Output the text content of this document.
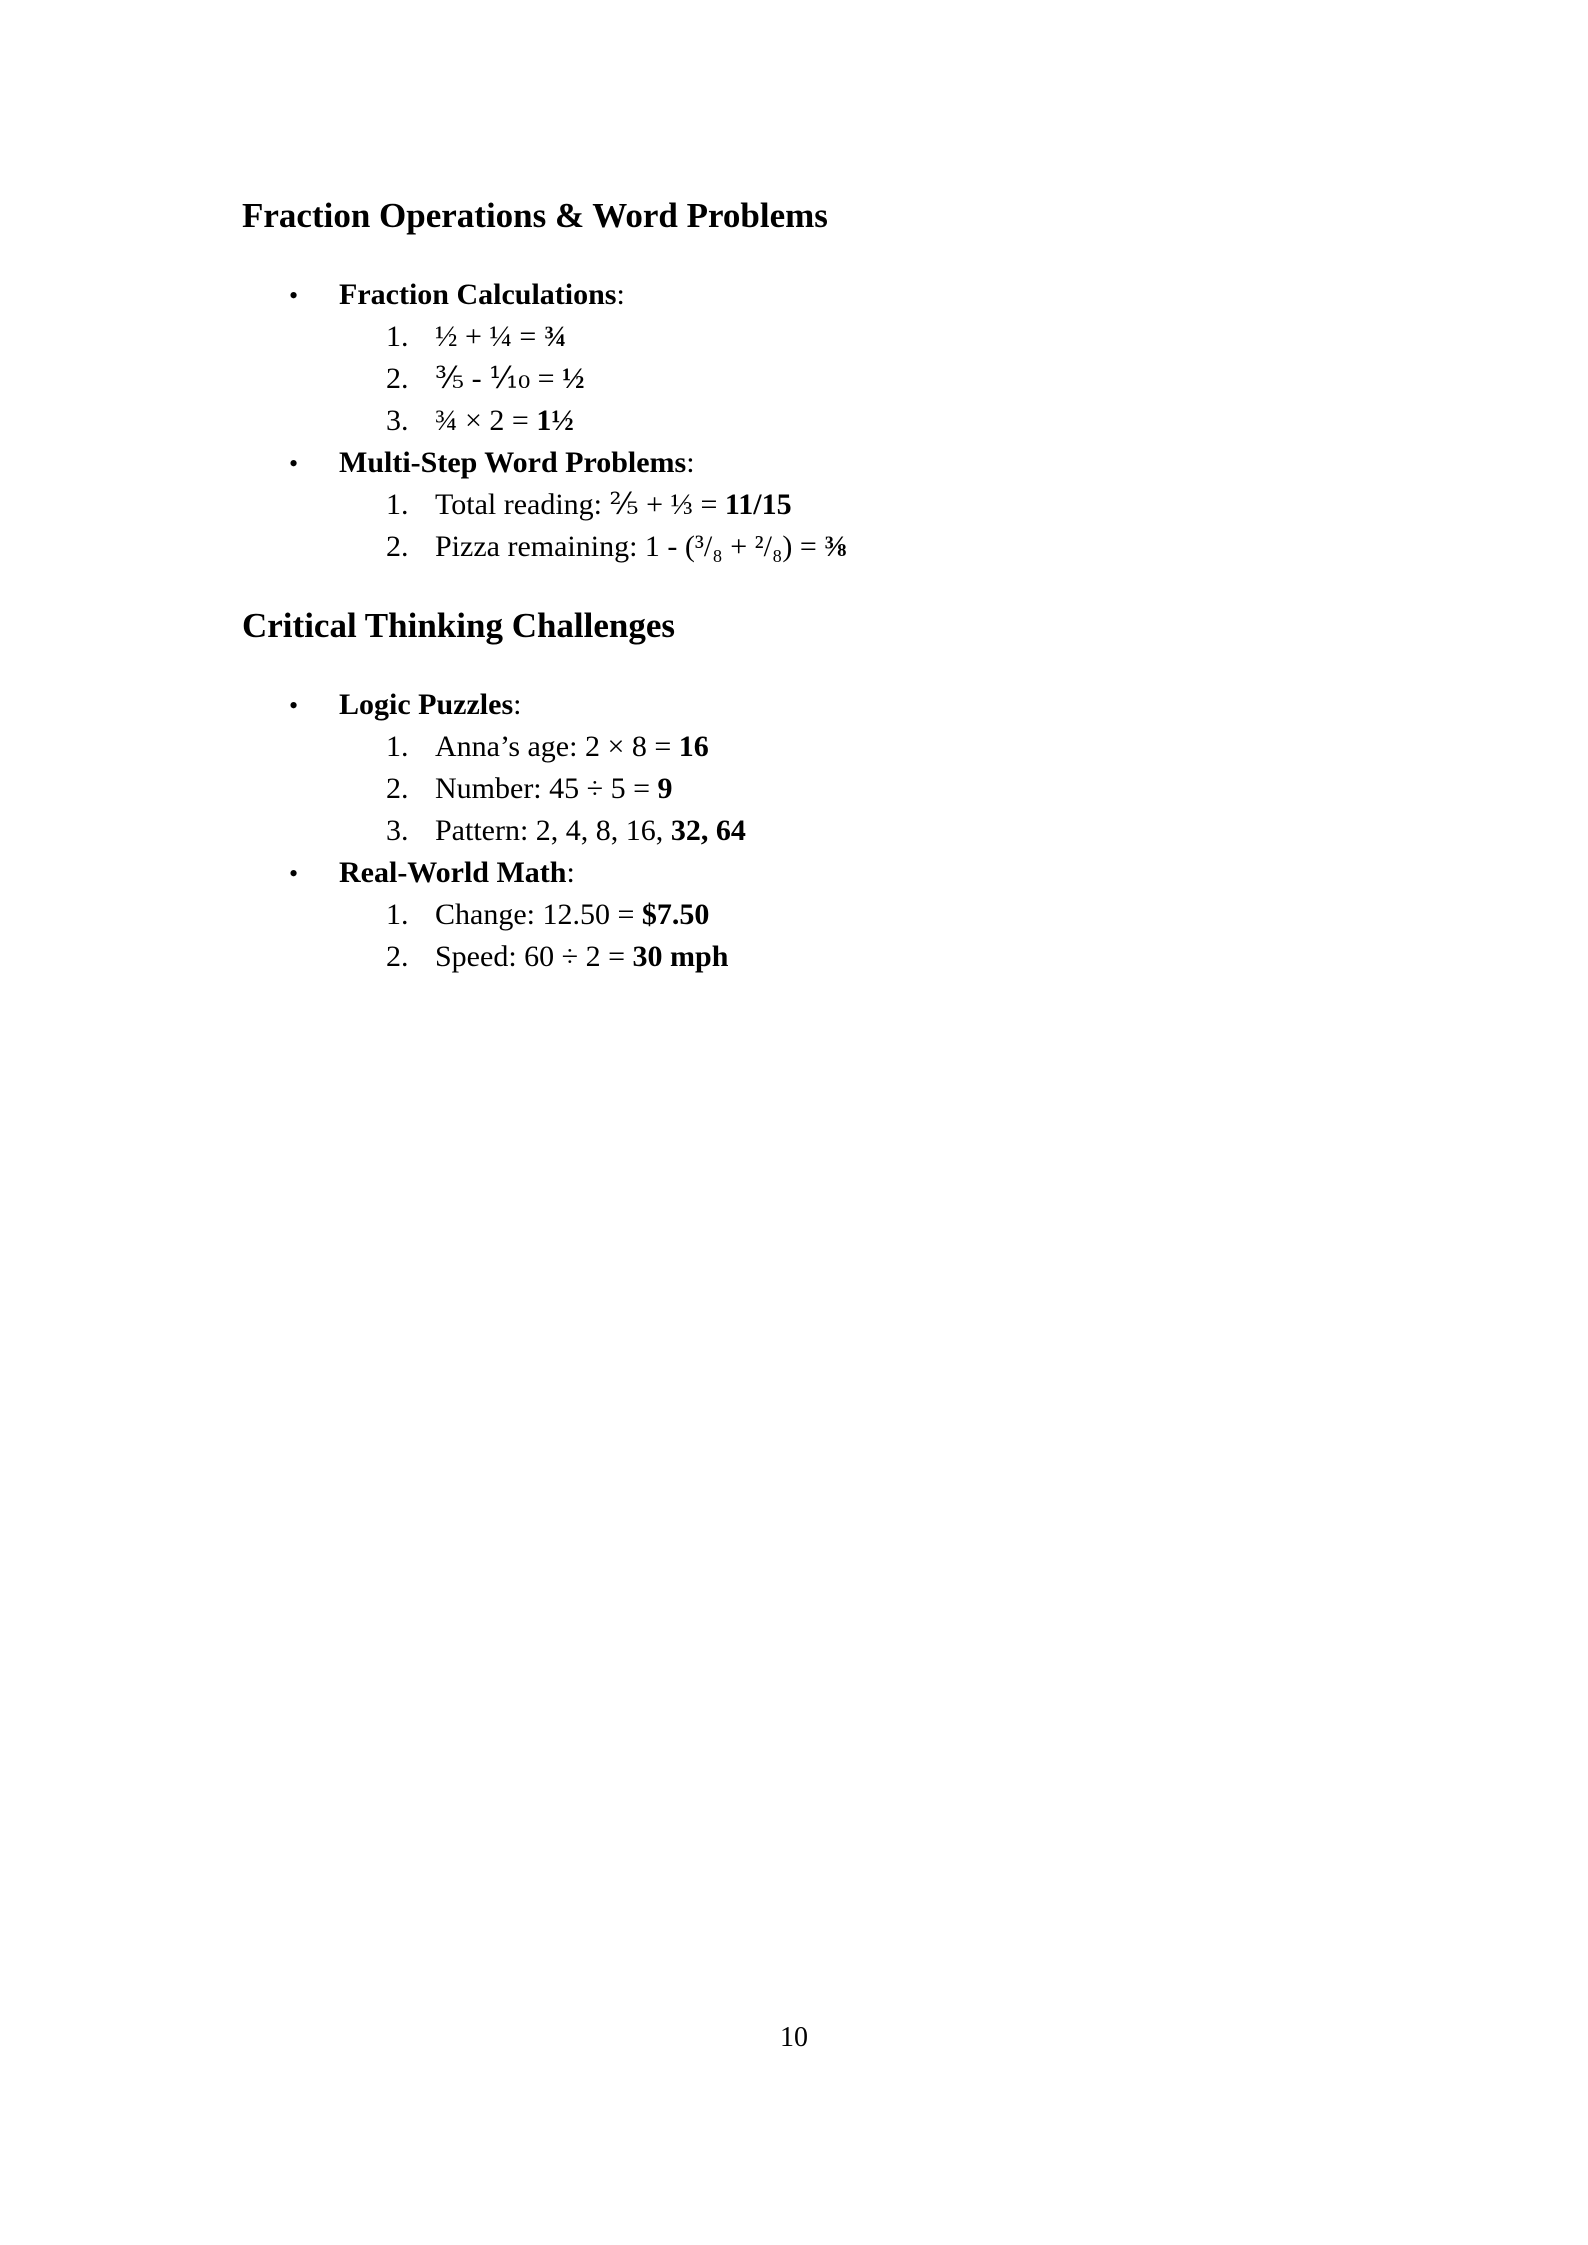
Fraction Operations & Word Problems
• Fraction Calculations:
1. ½ + ¼ = ¾
2. ⅗ - ⅒ = ½
3. ¾ × 2 = 1½
• Multi-Step Word Problems:
1. Total reading: ⅖ + ⅓ = 11/15
2. Pizza remaining: 1 - (³/₈ + ²/₈) = ⅜
Critical Thinking Challenges
• Logic Puzzles:
1. Anna’s age: 2 × 8 = 16
2. Number: 45 ÷ 5 = 9
3. Pattern: 2, 4, 8, 16, 32, 64
• Real-World Math:
1. Change: 12.50 = $7.50
2. Speed: 60 ÷ 2 = 30 mph
10
